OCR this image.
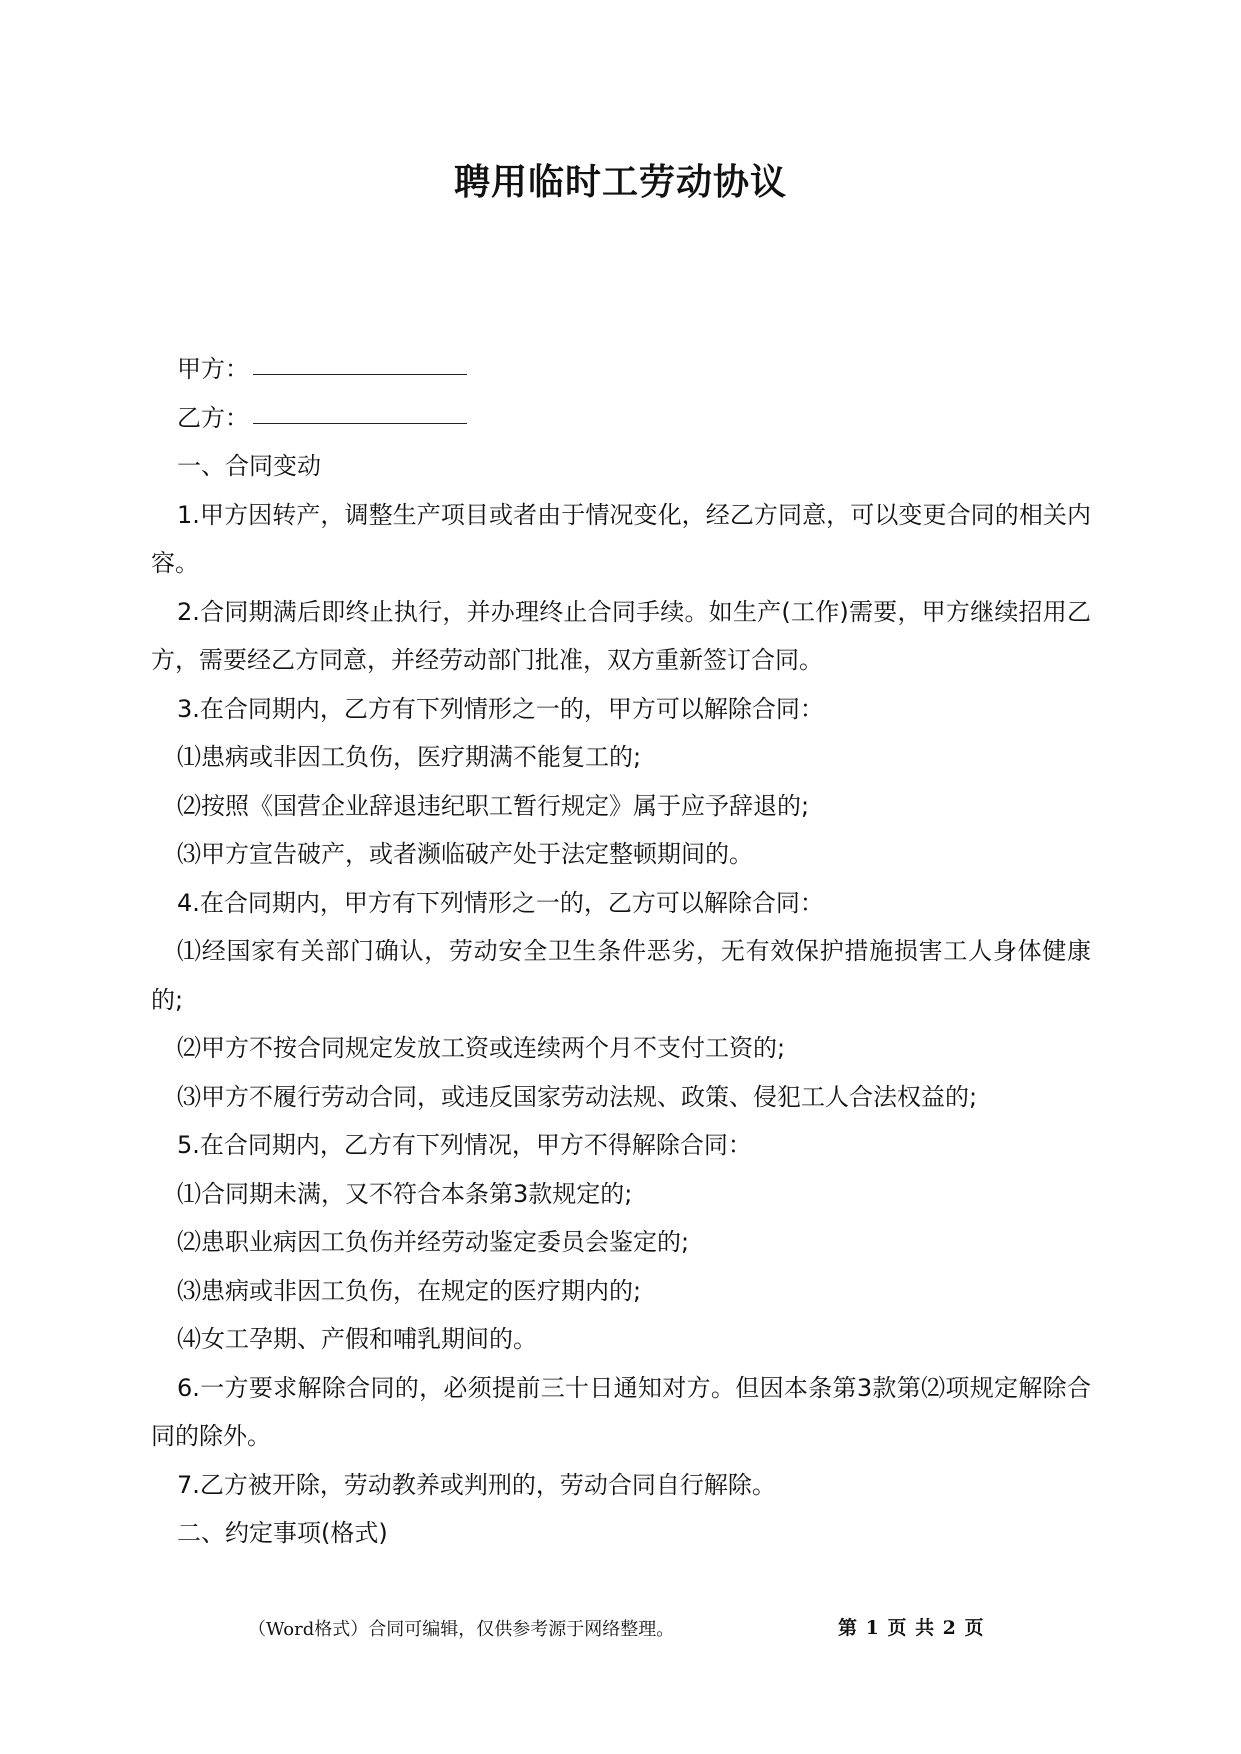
聘用临时工劳动协议

甲方：

乙方：

一、合同变动

1.甲方因转产，调整生产项目或者由于情况变化，经乙方同意，可以变更合同的相关内容。

2.合同期满后即终止执行，并办理终止合同手续。如生产(工作)需要，甲方继续招用乙方，需要经乙方同意，并经劳动部门批准，双方重新签订合同。

3.在合同期内，乙方有下列情形之一的，甲方可以解除合同：

⑴患病或非因工负伤，医疗期满不能复工的;

⑵按照《国营企业辞退违纪职工暂行规定》属于应予辞退的;

⑶甲方宣告破产，或者濒临破产处于法定整顿期间的。

4.在合同期内，甲方有下列情形之一的，乙方可以解除合同：

⑴经国家有关部门确认，劳动安全卫生条件恶劣，无有效保护措施损害工人身体健康的;

⑵甲方不按合同规定发放工资或连续两个月不支付工资的;

⑶甲方不履行劳动合同，或违反国家劳动法规、政策、侵犯工人合法权益的;

5.在合同期内，乙方有下列情况，甲方不得解除合同：

⑴合同期未满，又不符合本条第3款规定的;

⑵患职业病因工负伤并经劳动鉴定委员会鉴定的;

⑶患病或非因工负伤，在规定的医疗期内的;

⑷女工孕期、产假和哺乳期间的。

6.一方要求解除合同的，必须提前三十日通知对方。但因本条第3款第⑵项规定解除合同的除外。

7.乙方被开除，劳动教养或判刑的，劳动合同自行解除。

二、约定事项(格式)

（Word格式）合同可编辑，仅供参考源于网络整理。	第 1 页 共 2 页
